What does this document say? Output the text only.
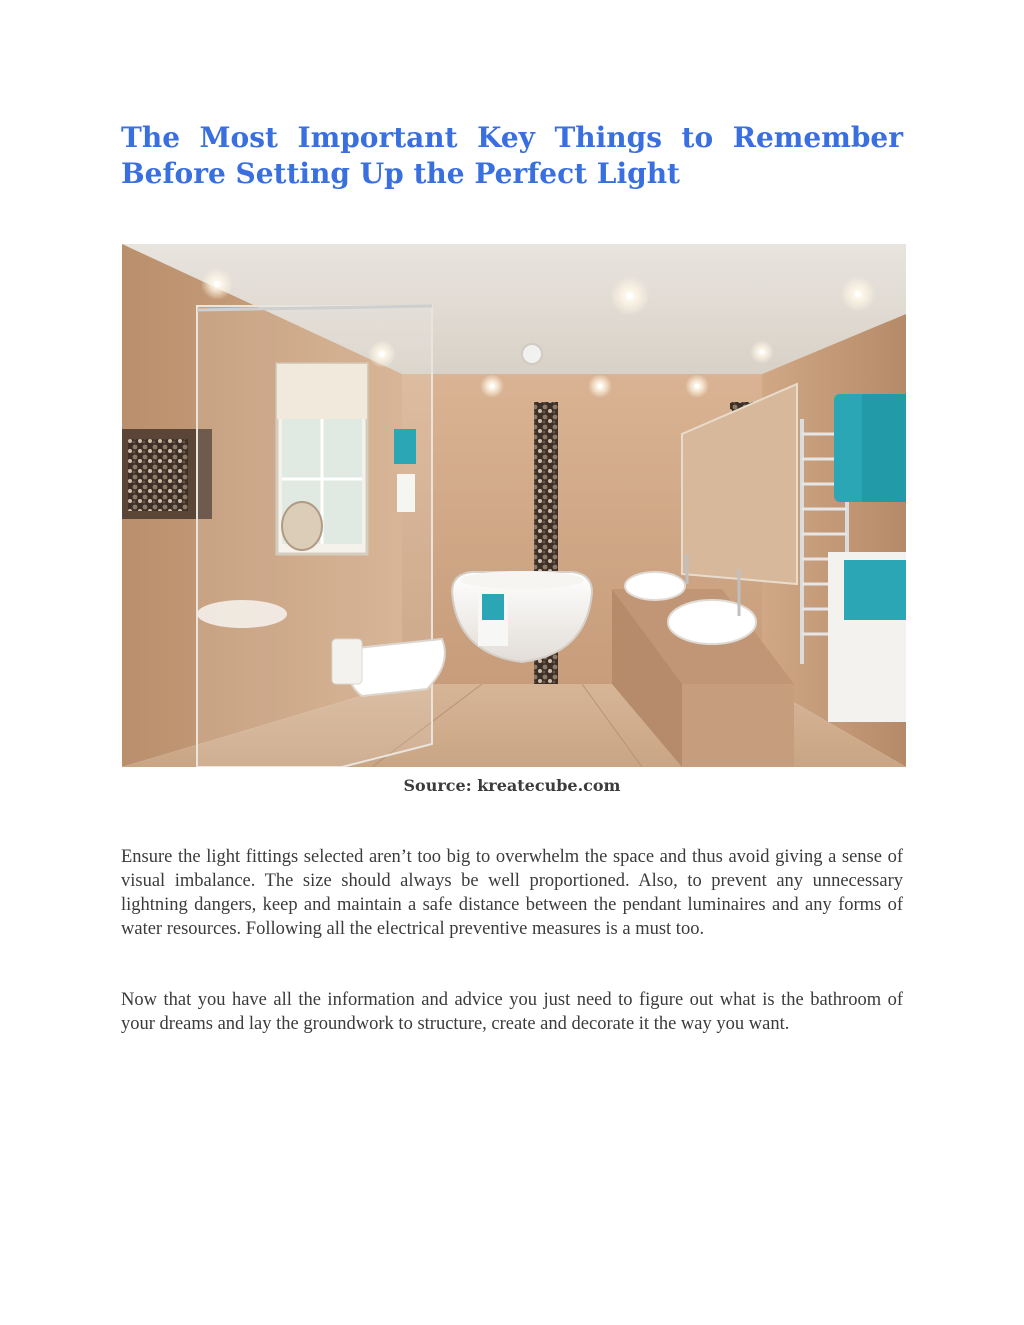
The Most Important Key Things to Remember Before Setting Up the Perfect Light
Source: kreatecube.com

Ensure the light fittings selected aren’t too big to overwhelm the space and thus avoid giving a sense of visual imbalance. The size should always be well proportioned. Also, to prevent any unnecessary lightning dangers, keep and maintain a safe distance between the pendant luminaires and any forms of water resources. Following all the electrical preventive measures is a must too.

Now that you have all the information and advice you just need to figure out what is the bathroom of your dreams and lay the groundwork to structure, create and decorate it the way you want.
